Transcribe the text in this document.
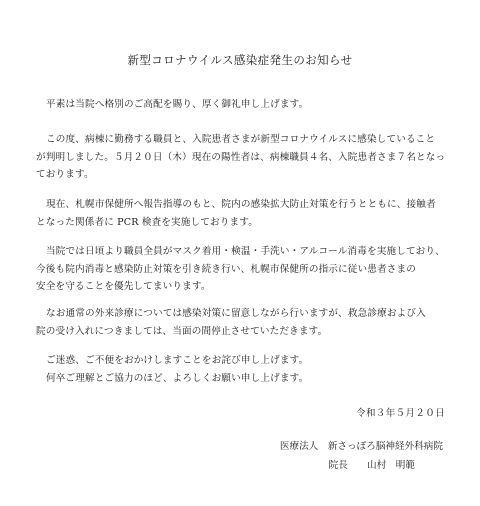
新型コロナウイルス感染症発生のお知らせ
平素は当院へ格別のご高配を賜り、厚く御礼申し上げます。
この度、病棟に勤務する職員と、入院患者さまが新型コロナウイルスに感染していること
が判明しました。５月２０日（木）現在の陽性者は、病棟職員４名、入院患者さま７名となっ
ております。
現在、札幌市保健所へ報告指導のもと、院内の感染拡大防止対策を行うとともに、接触者
となった関係者に PCR 検査を実施しております。
当院では日頃より職員全員がマスク着用・検温・手洗い・アルコール消毒を実施しており、
今後も院内消毒と感染防止対策を引き続き行い、札幌市保健所の指示に従い患者さまの
安全を守ることを優先してまいります。
なお通常の外来診療については感染対策に留意しながら行いますが、救急診療および入
院の受け入れにつきましては、当面の間停止させていただきます。
ご迷惑、ご不便をおかけしますことをお詫び申し上げます。
何卒ご理解とご協力のほど、よろしくお願い申し上げます。
令和３年５月２０日
医療法人　新さっぽろ脳神経外科病院
院長　　山村　明範
